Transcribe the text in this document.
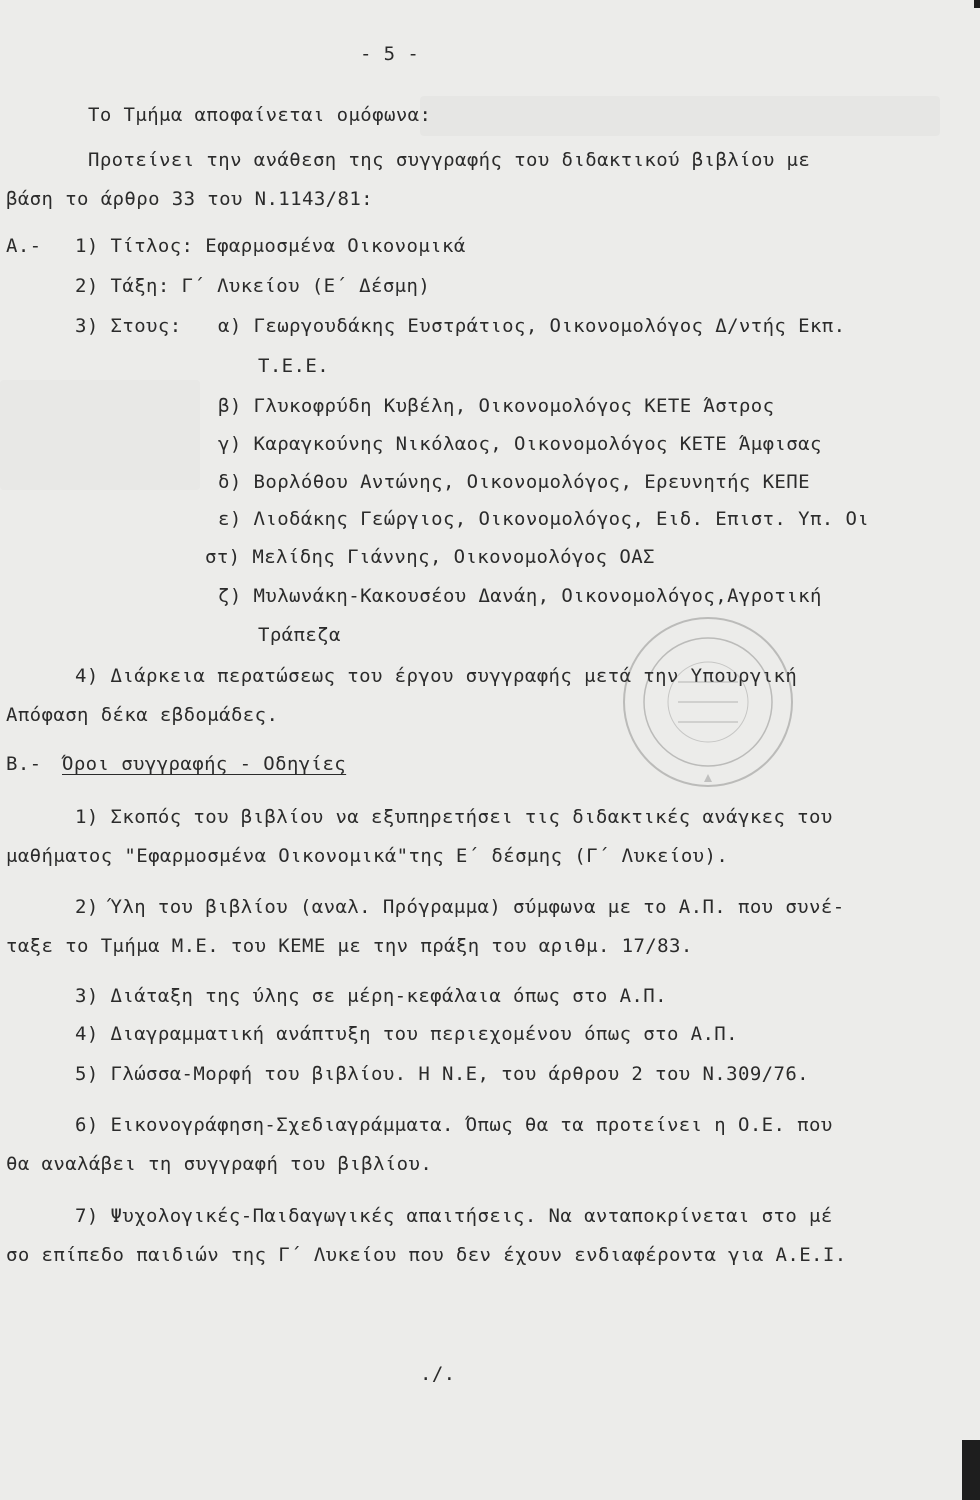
- 5 -
Το Τμήμα αποφαίνεται ομόφωνα:
Προτείνει την ανάθεση της συγγραφής του διδακτικού βιβλίου με
βάση το άρθρο 33 του Ν.1143/81:
Α.- 1) Τίτλος: Εφαρμοσμένα Οικονομικά
2) Τάξη: Γ΄ Λυκείου (Ε΄ Δέσμη)
3) Στους: α) Γεωργουδάκης Ευστράτιος, Οικονομολόγος Δ/ντής Εκπ.
Τ.Ε.Ε.
β) Γλυκοφρύδη Κυβέλη, Οικονομολόγος ΚΕΤΕ Άστρος
γ) Καραγκούνης Νικόλαος, Οικονομολόγος ΚΕΤΕ Άμφισας
δ) Βορλόθου Αντώνης, Οικονομολόγος, Ερευνητής ΚΕΠΕ
ε) Λιοδάκης Γεώργιος, Οικονομολόγος, Ειδ. Επιστ. Υπ. Οι
στ) Μελίδης Γιάννης, Οικονομολόγος ΟΑΣ
ζ) Μυλωνάκη-Κακουσέου Δανάη, Οικονομολόγος,Αγροτική
Τράπεζα
4) Διάρκεια περατώσεως του έργου συγγραφής μετά την Υπουργική
Απόφαση δέκα εβδομάδες.
Β.- Όροι συγγραφής - Οδηγίες
1) Σκοπός του βιβλίου να εξυπηρετήσει τις διδακτικές ανάγκες του
μαθήματος "Εφαρμοσμένα Οικονομικά"της Ε΄ δέσμης (Γ΄ Λυκείου).
2) Ύλη του βιβλίου (αναλ. Πρόγραμμα) σύμφωνα με το Α.Π. που συνέ-
ταξε το Τμήμα Μ.Ε. του ΚΕΜΕ με την πράξη του αριθμ. 17/83.
3) Διάταξη της ύλης σε μέρη-κεφάλαια όπως στο Α.Π.
4) Διαγραμματική ανάπτυξη του περιεχομένου όπως στο Α.Π.
5) Γλώσσα-Μορφή του βιβλίου. Η Ν.Ε, του άρθρου 2 του Ν.309/76.
6) Εικονογράφηση-Σχεδιαγράμματα. Όπως θα τα προτείνει η Ο.Ε. που
θα αναλάβει τη συγγραφή του βιβλίου.
7) Ψυχολογικές-Παιδαγωγικές απαιτήσεις. Να ανταποκρίνεται στο μέ
σο επίπεδο παιδιών της Γ΄ Λυκείου που δεν έχουν ενδιαφέροντα για Α.Ε.Ι.
./.
